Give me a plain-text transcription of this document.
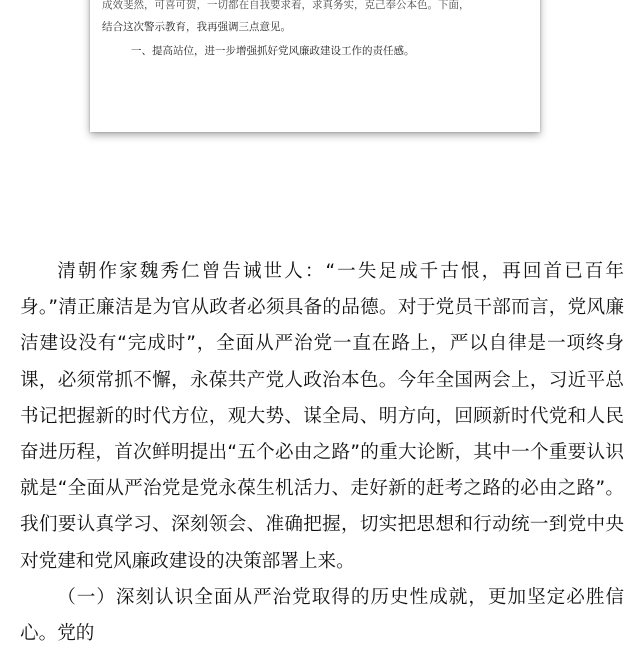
成效斐然，可喜可贺，一切都在自我要求着，求真务实，克己奉公本色。下面，
结合这次警示教育，我再强调三点意见。
一、提高站位，进一步增强抓好党风廉政建设工作的责任感。

清朝作家魏秀仁曾告诫世人：“一失足成千古恨，再回首已百年身。”清正廉洁是为官从政者必须具备的品德。对于党员干部而言，党风廉洁建设没有“完成时”，全面从严治党一直在路上，严以自律是一项终身课，必须常抓不懈，永葆共产党人政治本色。今年全国两会上，习近平总书记把握新的时代方位，观大势、谋全局、明方向，回顾新时代党和人民奋进历程，首次鲜明提出“五个必由之路”的重大论断，其中一个重要认识就是“全面从严治党是党永葆生机活力、走好新的赶考之路的必由之路”。我们要认真学习、深刻领会、准确把握，切实把思想和行动统一到党中央对党建和党风廉政建设的决策部署上来。

（一）深刻认识全面从严治党取得的历史性成就，更加坚定必胜信心。党的
